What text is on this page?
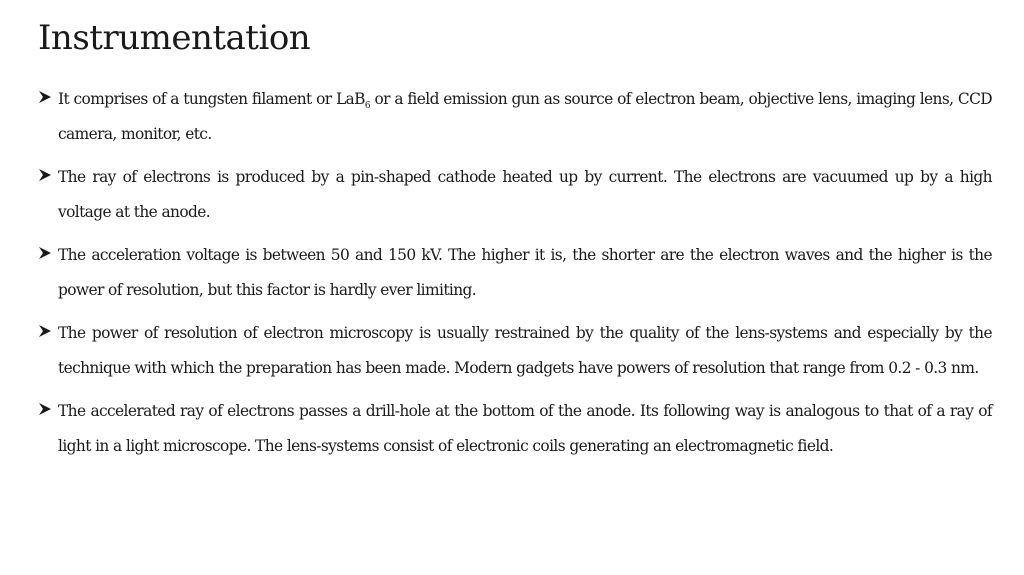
Instrumentation
It comprises of a tungsten filament or LaB$_6$ or a field emission gun as source of electron beam, objective lens, imaging lens, CCD camera, monitor, etc.
The ray of electrons is produced by a pin-shaped cathode heated up by current. The electrons are vacuumed up by a high voltage at the anode.
The acceleration voltage is between 50 and 150 kV. The higher it is, the shorter are the electron waves and the higher is the power of resolution, but this factor is hardly ever limiting.
The power of resolution of electron microscopy is usually restrained by the quality of the lens-systems and especially by the technique with which the preparation has been made. Modern gadgets have powers of resolution that range from 0.2 - 0.3 nm.
The accelerated ray of electrons passes a drill-hole at the bottom of the anode. Its following way is analogous to that of a ray of light in a light microscope. The lens-systems consist of electronic coils generating an electromagnetic field.
